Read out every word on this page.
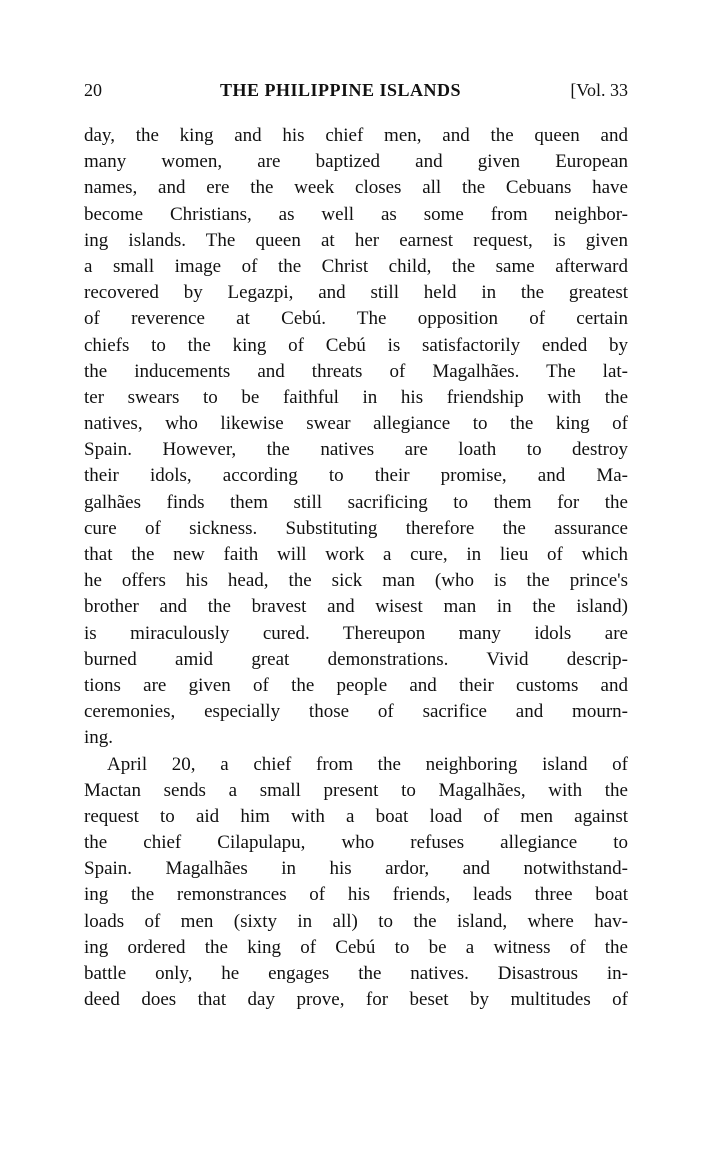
20	THE PHILIPPINE ISLANDS	[Vol. 33
day, the king and his chief men, and the queen and
many women, are baptized and given European
names, and ere the week closes all the Cebuans have
become Christians, as well as some from neighbor-
ing islands. The queen at her earnest request, is given
a small image of the Christ child, the same afterward
recovered by Legazpi, and still held in the greatest
of reverence at Cebú. The opposition of certain
chiefs to the king of Cebú is satisfactorily ended by
the inducements and threats of Magalhães. The lat-
ter swears to be faithful in his friendship with the
natives, who likewise swear allegiance to the king of
Spain. However, the natives are loath to destroy
their idols, according to their promise, and Ma-
galhães finds them still sacrificing to them for the
cure of sickness. Substituting therefore the assurance
that the new faith will work a cure, in lieu of which
he offers his head, the sick man (who is the prince's
brother and the bravest and wisest man in the island)
is miraculously cured. Thereupon many idols are
burned amid great demonstrations. Vivid descrip-
tions are given of the people and their customs and
ceremonies, especially those of sacrifice and mourn-
ing.
April 20, a chief from the neighboring island of
Mactan sends a small present to Magalhães, with the
request to aid him with a boat load of men against
the chief Cilapulapu, who refuses allegiance to
Spain. Magalhães in his ardor, and notwithstand-
ing the remonstrances of his friends, leads three boat
loads of men (sixty in all) to the island, where hav-
ing ordered the king of Cebú to be a witness of the
battle only, he engages the natives. Disastrous in-
deed does that day prove, for beset by multitudes of
